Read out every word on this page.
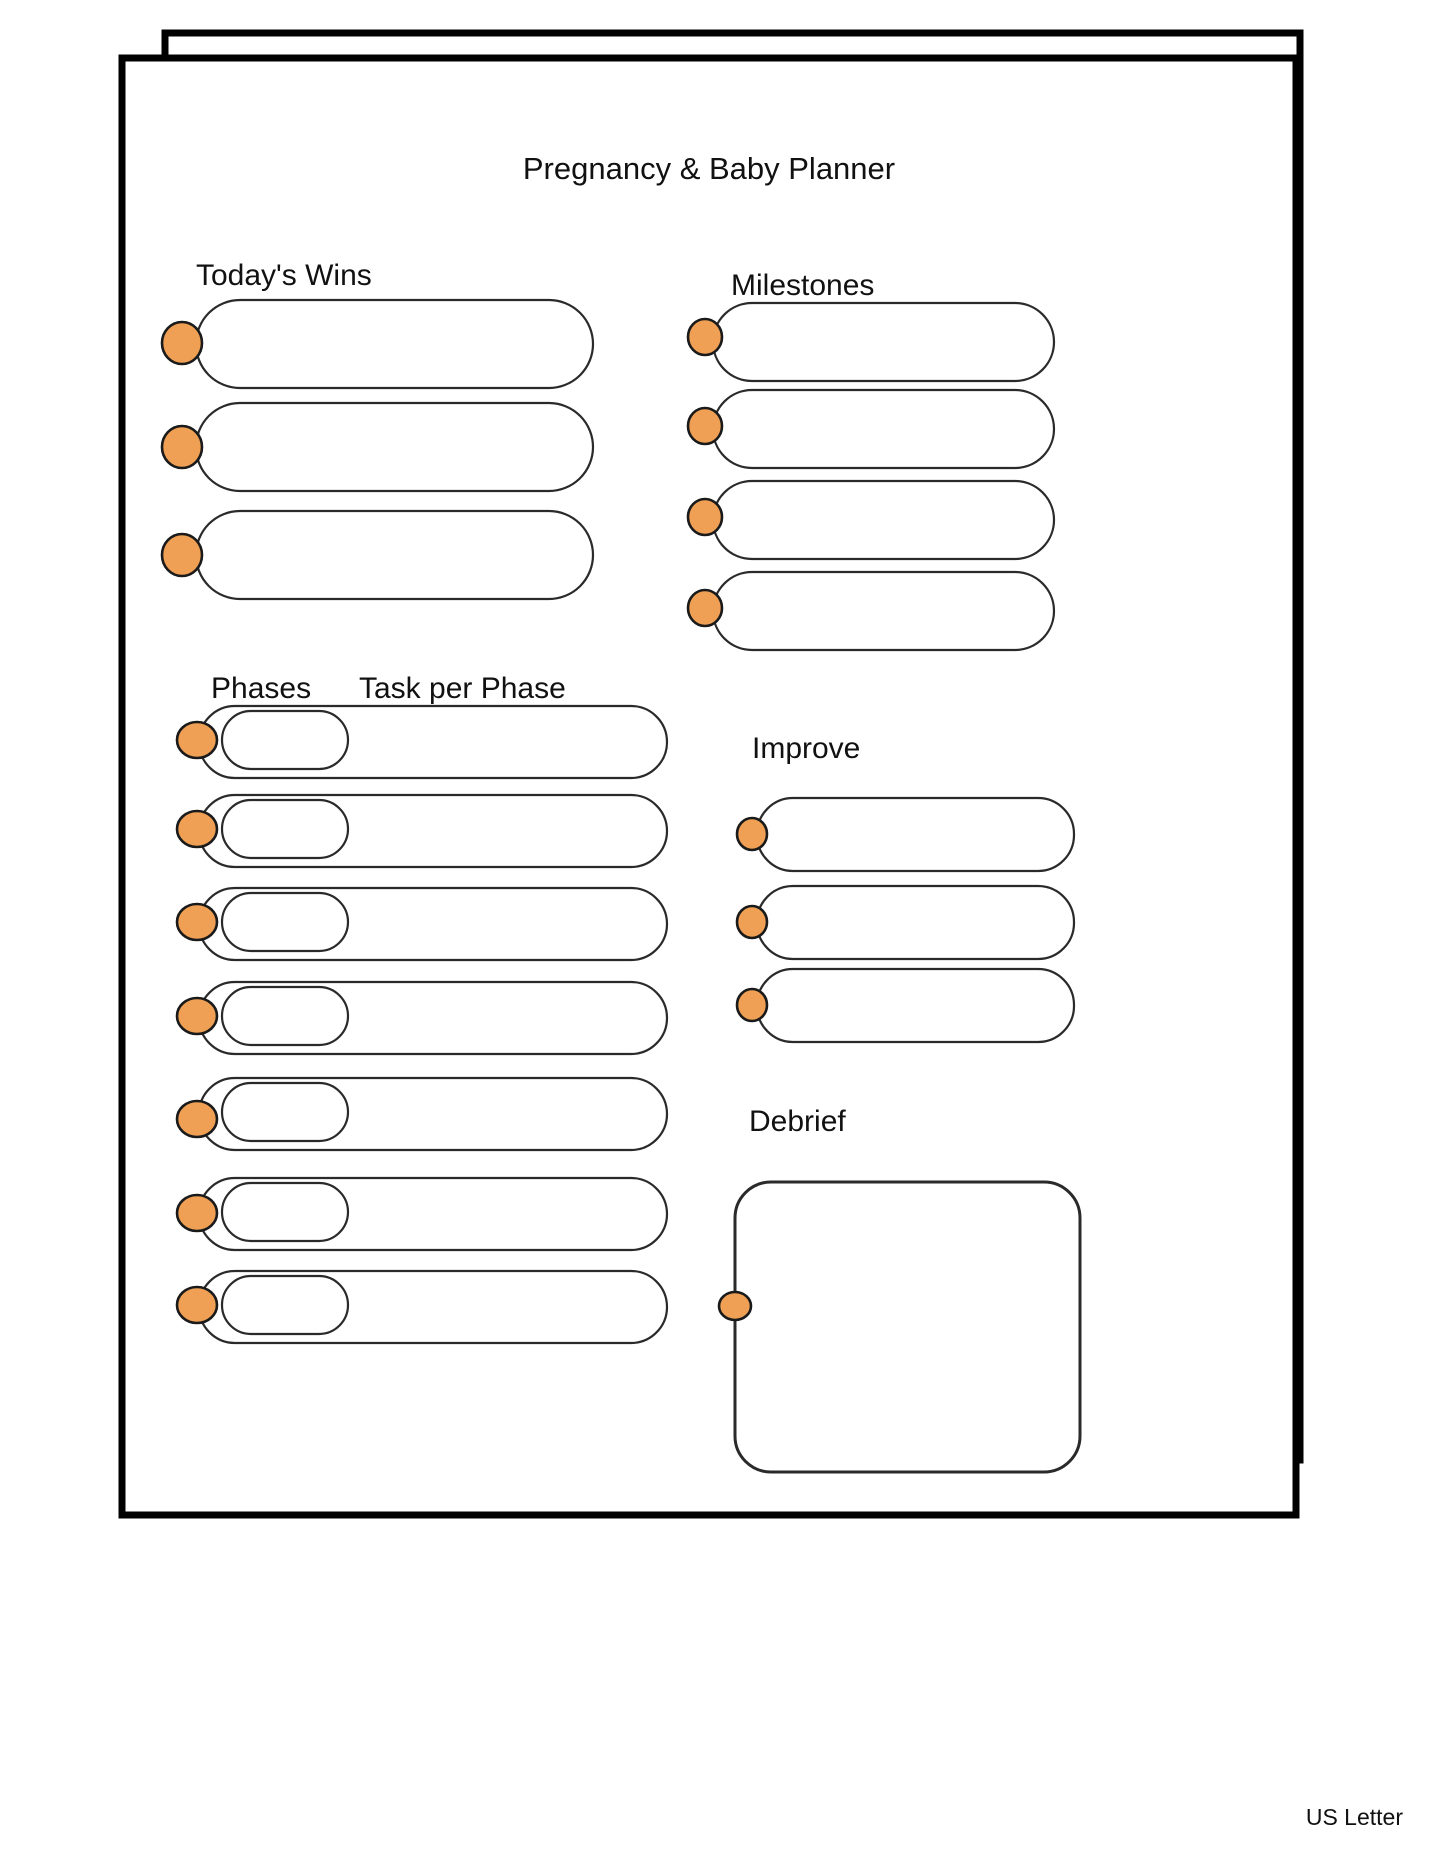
Pregnancy & Baby Planner
Today's Wins	Milestones
Phases Task per Phase
Improve
Debrief
US Letter
